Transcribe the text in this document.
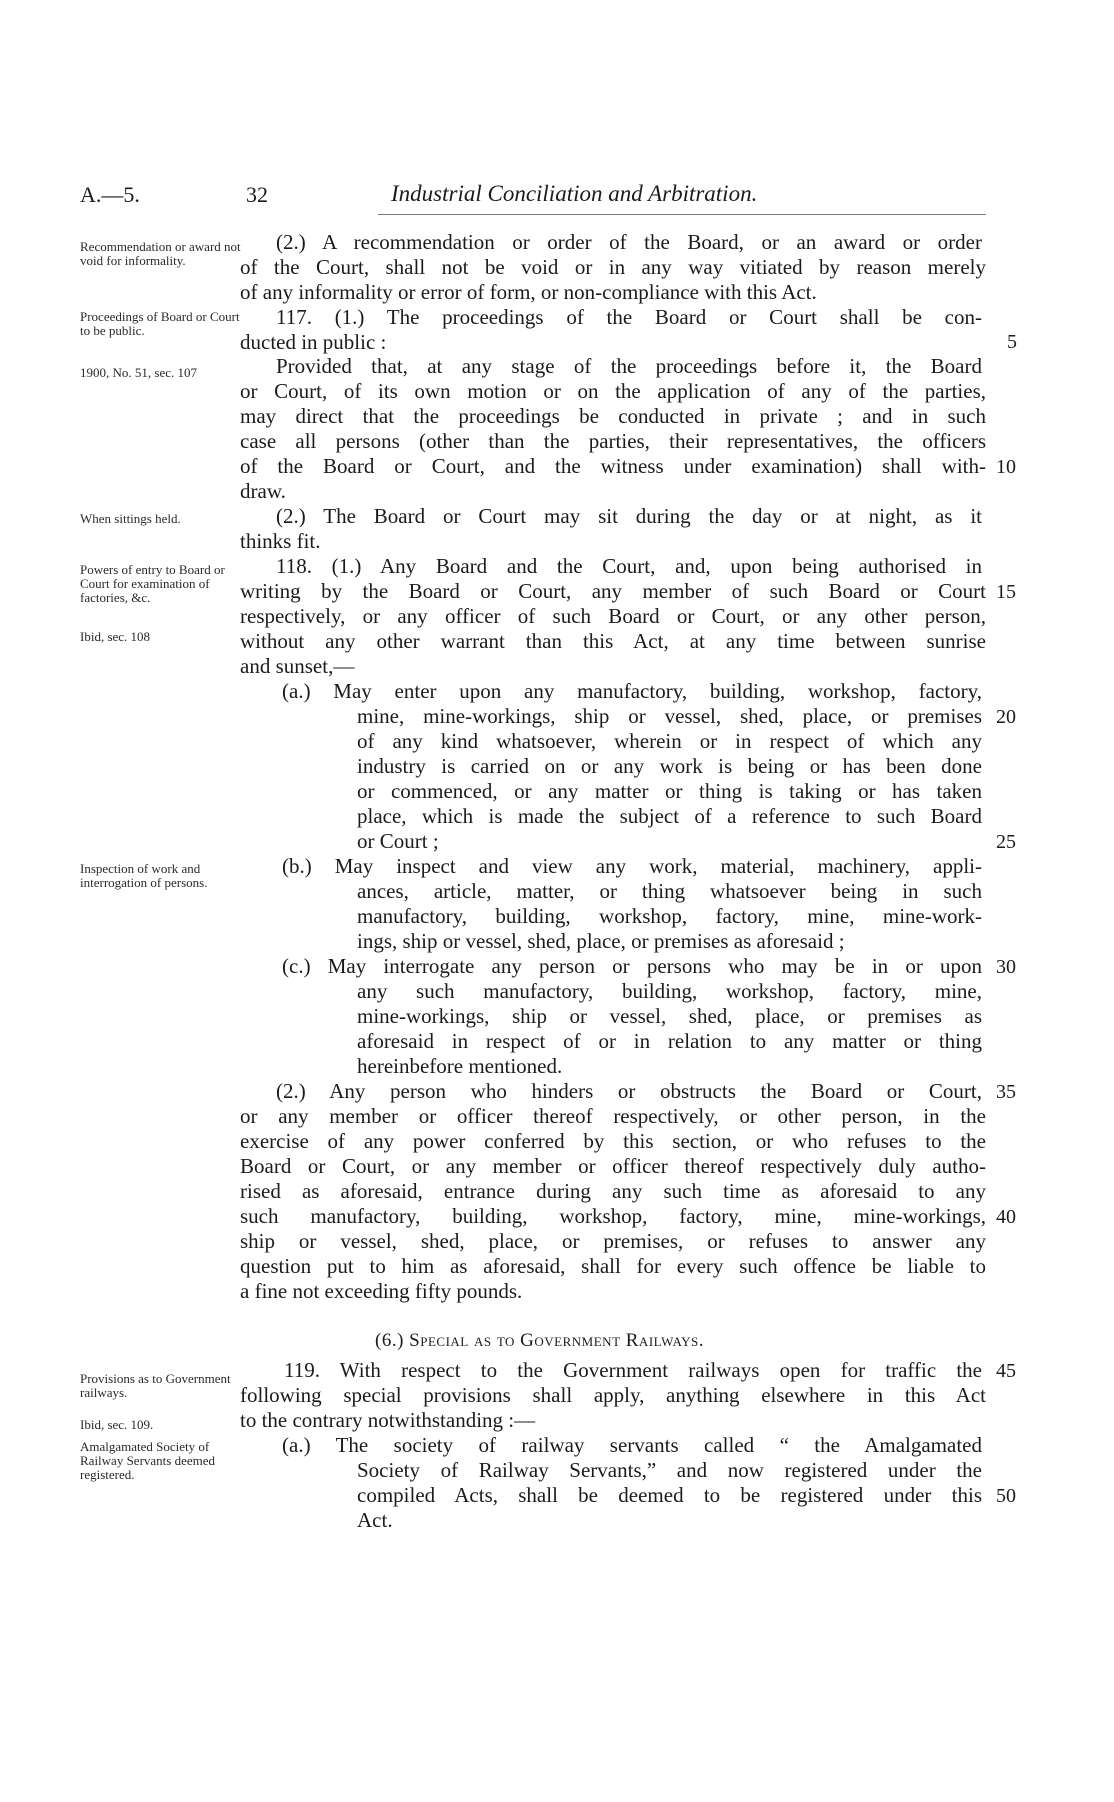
A.—5.	32	Industrial Conciliation and Arbitration.
Recommendation or award not void for informality.
Proceedings of Board or Court to be public.
1900, No. 51, sec. 107
When sittings held.
Powers of entry to Board or Court for examination of factories, &c.
Ibid, sec. 108
Inspection of work and interrogation of persons.
Provisions as to Government railways.
Ibid, sec. 109.
Amalgamated Society of Railway Servants deemed registered.
(2.) A recommendation or order of the Board, or an award or order
of the Court, shall not be void or in any way vitiated by reason merely
of any informality or error of form, or non-compliance with this Act.
117. (1.) The proceedings of the Board or Court shall be con-
ducted in public :
Provided that, at any stage of the proceedings before it, the Board
or Court, of its own motion or on the application of any of the parties,
may direct that the proceedings be conducted in private ; and in such
case all persons (other than the parties, their representatives, the officers
of the Board or Court, and the witness under examination) shall with-
draw.
(2.) The Board or Court may sit during the day or at night, as it
thinks fit.
118. (1.) Any Board and the Court, and, upon being authorised in
writing by the Board or Court, any member of such Board or Court
respectively, or any officer of such Board or Court, or any other person,
without any other warrant than this Act, at any time between sunrise
and sunset,—
(a.) May enter upon any manufactory, building, workshop, factory,
mine, mine-workings, ship or vessel, shed, place, or premises
of any kind whatsoever, wherein or in respect of which any
industry is carried on or any work is being or has been done
or commenced, or any matter or thing is taking or has taken
place, which is made the subject of a reference to such Board
or Court ;
(b.) May inspect and view any work, material, machinery, appli-
ances, article, matter, or thing whatsoever being in such
manufactory, building, workshop, factory, mine, mine-work-
ings, ship or vessel, shed, place, or premises as aforesaid ;
(c.) May interrogate any person or persons who may be in or upon
any such manufactory, building, workshop, factory, mine,
mine-workings, ship or vessel, shed, place, or premises as
aforesaid in respect of or in relation to any matter or thing
hereinbefore mentioned.
(2.) Any person who hinders or obstructs the Board or Court,
or any member or officer thereof respectively, or other person, in the
exercise of any power conferred by this section, or who refuses to the
Board or Court, or any member or officer thereof respectively duly autho-
rised as aforesaid, entrance during any such time as aforesaid to any
such manufactory, building, workshop, factory, mine, mine-workings,
ship or vessel, shed, place, or premises, or refuses to answer any
question put to him as aforesaid, shall for every such offence be liable to
a fine not exceeding fifty pounds.
(6.) Special as to Government Railways.
119. With respect to the Government railways open for traffic the
following special provisions shall apply, anything elsewhere in this Act
to the contrary notwithstanding :—
(a.) The society of railway servants called “ the Amalgamated
Society of Railway Servants,” and now registered under the
compiled Acts, shall be deemed to be registered under this
Act.
5
10
15
20
25
30
35
40
45
50
